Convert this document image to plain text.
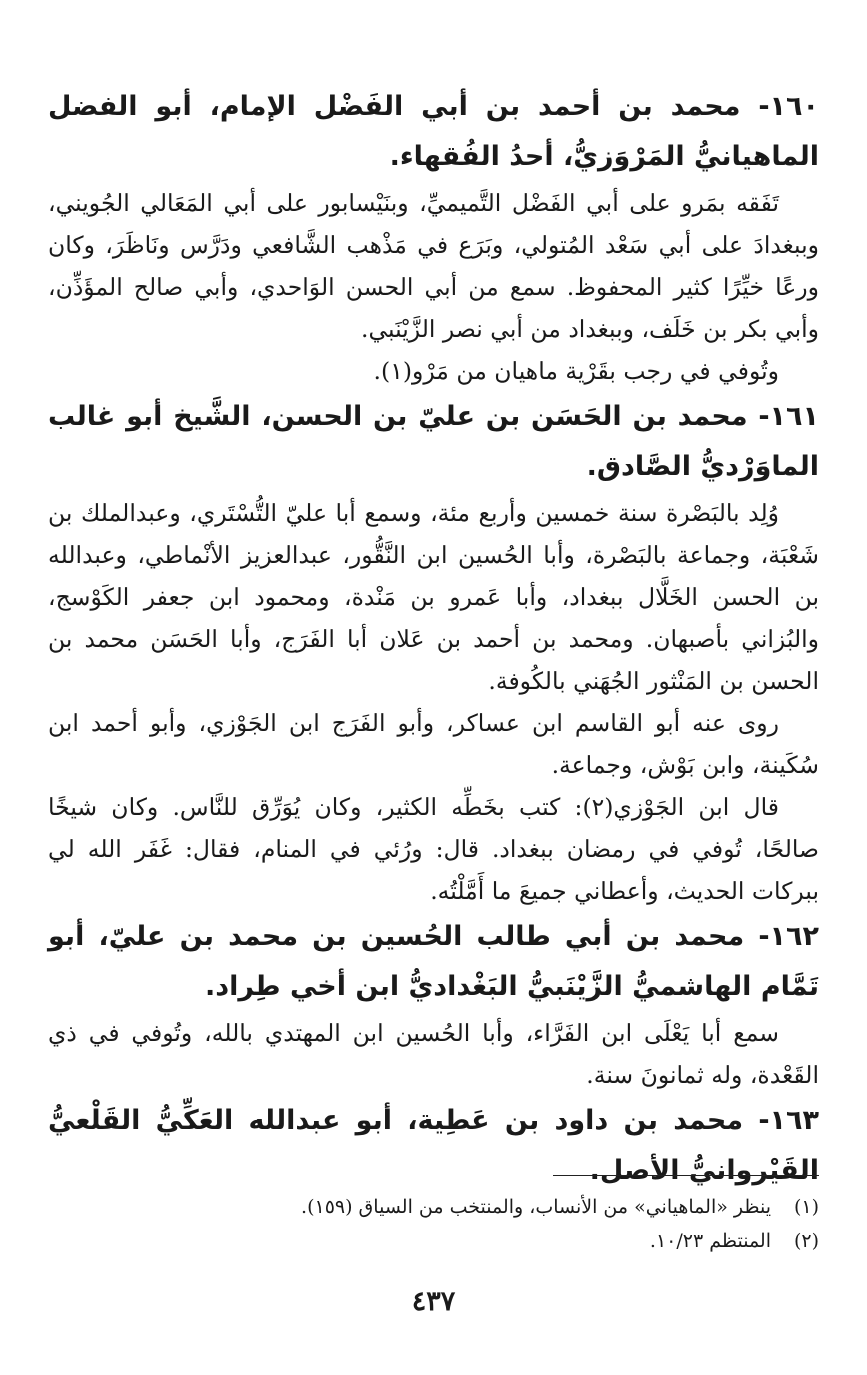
١٦٠- محمد بن أحمد بن أبي الفَضْل الإمام، أبو الفضل الماهيانيُّ المَرْوَزيُّ، أحدُ الفُقهاء.

تَفَقه بمَرو على أبي الفَضْل التَّميميِّ، وبنَيْسابور على أبي المَعَالي الجُويني، وببغدادَ على أبي سَعْد المُتولي، وبَرَع في مَذْهب الشَّافعي ودَرَّس ونَاظَرَ، وكان ورعًا خيِّرًا كثير المحفوظ. سمع من أبي الحسن الوَاحدي، وأبي صالح المؤَذِّن، وأبي بكر بن خَلَف، وببغداد من أبي نصر الزَّيْنَبي.

وتُوفي في رجب بقَرْية ماهيان من مَرْو(١).

١٦١- محمد بن الحَسَن بن عليّ بن الحسن، الشَّيخ أبو غالب الماوَرْديُّ الصَّادق.

وُلِد بالبَصْرة سنة خمسين وأربع مئة، وسمع أبا عليّ التُّسْتَري، وعبدالملك بن شَعْبَة، وجماعة بالبَصْرة، وأبا الحُسين ابن النَّقُّور، عبدالعزيز الأنْماطي، وعبدالله بن الحسن الخَلَّال ببغداد، وأبا عَمرو بن مَنْدة، ومحمود ابن جعفر الكَوْسج، والبُزاني بأصبهان. ومحمد بن أحمد بن عَلان أبا الفَرَج، وأبا الحَسَن محمد بن الحسن بن المَنْثور الجُهَني بالكُوفة.

روى عنه أبو القاسم ابن عساكر، وأبو الفَرَج ابن الجَوْزي، وأبو أحمد ابن سُكَينة، وابن بَوْش، وجماعة.

قال ابن الجَوْزي(٢): كتب بخَطِّه الكثير، وكان يُوَرِّق للنَّاس. وكان شيخًا صالحًا، تُوفي في رمضان ببغداد. قال: ورُئي في المنام، فقال: غَفَر الله لي ببركات الحديث، وأعطاني جميعَ ما أَمَّلْتُه.

١٦٢- محمد بن أبي طالب الحُسين بن محمد بن عليّ، أبو تَمَّام الهاشميُّ الزَّيْنَبيُّ البَغْداديُّ ابن أخي طِراد.

سمع أبا يَعْلَى ابن الفَرَّاء، وأبا الحُسين ابن المهتدي بالله، وتُوفي في ذي القَعْدة، وله ثمانونَ سنة.

١٦٣- محمد بن داود بن عَطِية، أبو عبدالله العَكِّيُّ القَلْعيُّ القَيْروانيُّ الأصل.

(١)ينظر «الماهياني» من الأنساب، والمنتخب من السياق (١٥٩).

(٢)المنتظم ١٠/٢٣.

٤٣٧
